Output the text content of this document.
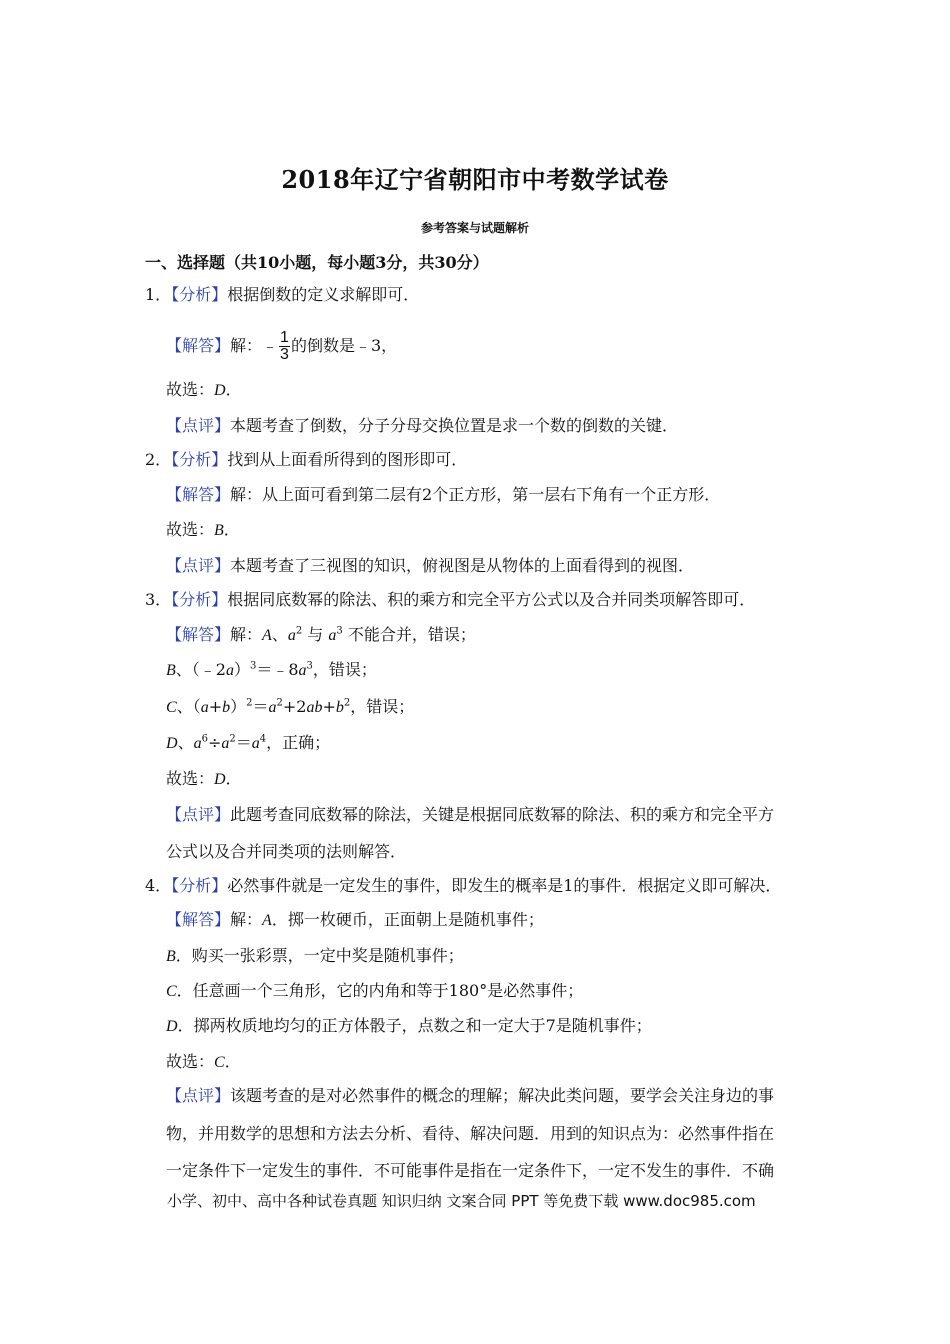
2018年辽宁省朝阳市中考数学试卷
参考答案与试题解析
一、选择题（共10小题，每小题3分，共30分）
1．【分析】根据倒数的定义求解即可．
【解答】解：﹣ $\frac{1}{3}$ 的倒数是﹣3，
故选：D．
【点评】本题考查了倒数，分子分母交换位置是求一个数的倒数的关键．
2．【分析】找到从上面看所得到的图形即可．
【解答】解：从上面可看到第二层有2个正方形，第一层右下角有一个正方形．
故选：B．
【点评】本题考查了三视图的知识，俯视图是从物体的上面看得到的视图．
3．【分析】根据同底数幂的除法、积的乘方和完全平方公式以及合并同类项解答即可．
【解答】解：A、$a^2$ 与 $a^3$ 不能合并，错误；
B、$(﹣2a)^3=﹣8a^3$，错误；
C、$(a+b)^2=a^2+2ab+b^2$，错误；
D、$a^6\div a^2=a^4$，正确；
故选：D．
【点评】此题考查同底数幂的除法，关键是根据同底数幂的除法、积的乘方和完全平方
公式以及合并同类项的法则解答．
4．【分析】必然事件就是一定发生的事件，即发生的概率是1的事件．根据定义即可解决．
【解答】解：A．掷一枚硬币，正面朝上是随机事件；
B．购买一张彩票，一定中奖是随机事件；
C．任意画一个三角形，它的内角和等于180°是必然事件；
D．掷两枚质地均匀的正方体骰子，点数之和一定大于7是随机事件；
故选：C．
【点评】该题考查的是对必然事件的概念的理解；解决此类问题，要学会关注身边的事
物，并用数学的思想和方法去分析、看待、解决问题．用到的知识点为：必然事件指在
一定条件下一定发生的事件．不可能事件是指在一定条件下，一定不发生的事件．不确
小学、初中、高中各种试卷真题 知识归纳 文案合同 PPT 等免费下载 www.doc985.com
